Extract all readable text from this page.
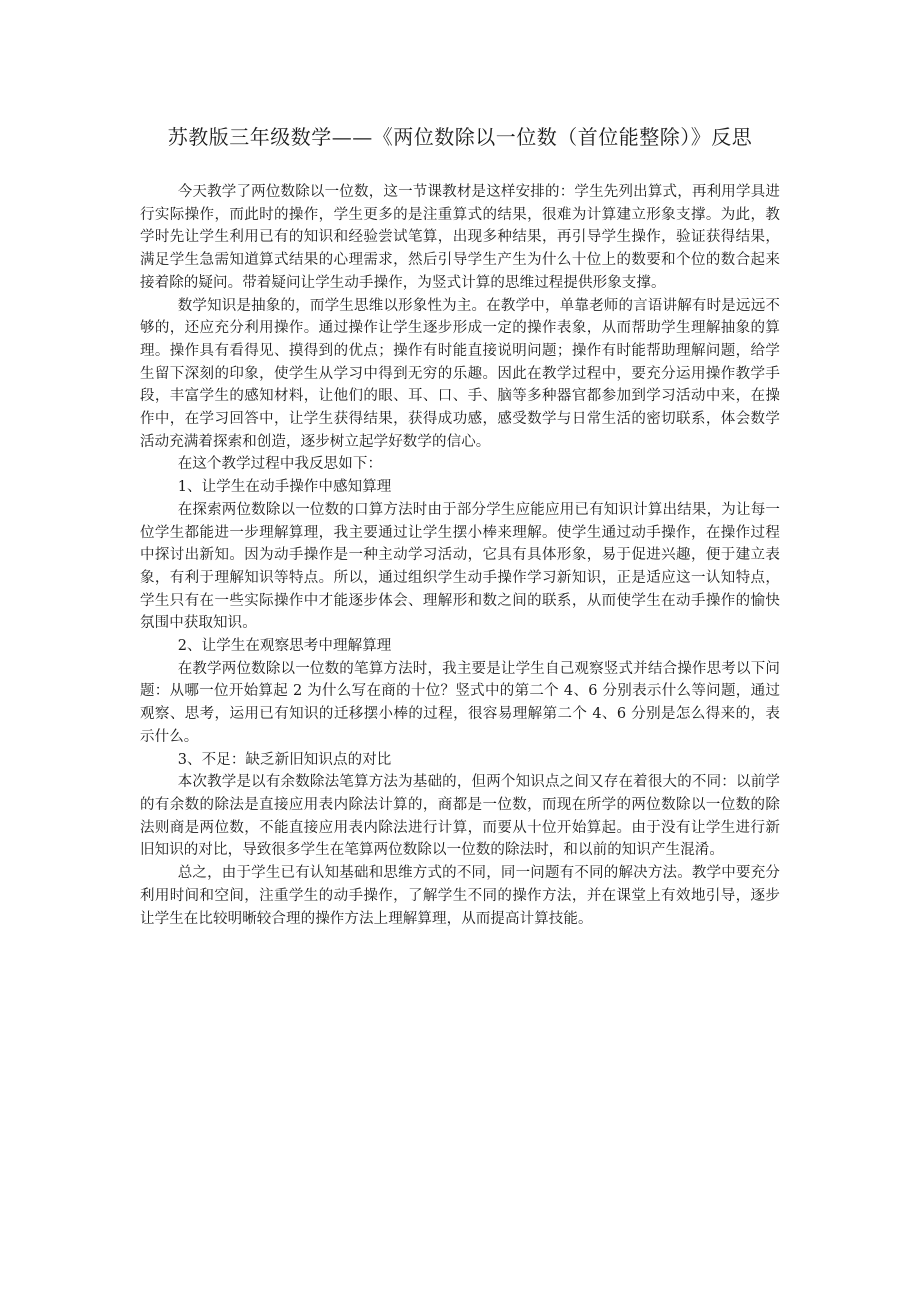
苏教版三年级数学——《两位数除以一位数（首位能整除）》反思

今天教学了两位数除以一位数，这一节课教材是这样安排的：学生先列出算式，再利用学具进行实际操作，而此时的操作，学生更多的是注重算式的结果，很难为计算建立形象支撑。为此，教学时先让学生利用已有的知识和经验尝试笔算，出现多种结果，再引导学生操作，验证获得结果，满足学生急需知道算式结果的心理需求，然后引导学生产生为什么十位上的数要和个位的数合起来接着除的疑问。带着疑问让学生动手操作，为竖式计算的思维过程提供形象支撑。

数学知识是抽象的，而学生思维以形象性为主。在教学中，单靠老师的言语讲解有时是远远不够的，还应充分利用操作。通过操作让学生逐步形成一定的操作表象，从而帮助学生理解抽象的算理。操作具有看得见、摸得到的优点；操作有时能直接说明问题；操作有时能帮助理解问题，给学生留下深刻的印象，使学生从学习中得到无穷的乐趣。因此在教学过程中，要充分运用操作教学手段，丰富学生的感知材料，让他们的眼、耳、口、手、脑等多种器官都参加到学习活动中来，在操作中，在学习回答中，让学生获得结果，获得成功感，感受数学与日常生活的密切联系，体会数学活动充满着探索和创造，逐步树立起学好数学的信心。

在这个教学过程中我反思如下：

1、让学生在动手操作中感知算理

在探索两位数除以一位数的口算方法时由于部分学生应能应用已有知识计算出结果，为让每一位学生都能进一步理解算理，我主要通过让学生摆小棒来理解。使学生通过动手操作，在操作过程中探讨出新知。因为动手操作是一种主动学习活动，它具有具体形象，易于促进兴趣，便于建立表象，有利于理解知识等特点。所以，通过组织学生动手操作学习新知识，正是适应这一认知特点，学生只有在一些实际操作中才能逐步体会、理解形和数之间的联系，从而使学生在动手操作的愉快氛围中获取知识。

2、让学生在观察思考中理解算理

在教学两位数除以一位数的笔算方法时，我主要是让学生自己观察竖式并结合操作思考以下问题：从哪一位开始算起 2 为什么写在商的十位？竖式中的第二个 4、6 分别表示什么等问题，通过观察、思考，运用已有知识的迁移摆小棒的过程，很容易理解第二个 4、6 分别是怎么得来的，表示什么。

3、不足：缺乏新旧知识点的对比

本次教学是以有余数除法笔算方法为基础的，但两个知识点之间又存在着很大的不同：以前学的有余数的除法是直接应用表内除法计算的，商都是一位数，而现在所学的两位数除以一位数的除法则商是两位数，不能直接应用表内除法进行计算，而要从十位开始算起。由于没有让学生进行新旧知识的对比，导致很多学生在笔算两位数除以一位数的除法时，和以前的知识产生混淆。

总之，由于学生已有认知基础和思维方式的不同，同一问题有不同的解决方法。教学中要充分利用时间和空间，注重学生的动手操作，了解学生不同的操作方法，并在课堂上有效地引导，逐步让学生在比较明晰较合理的操作方法上理解算理，从而提高计算技能。
